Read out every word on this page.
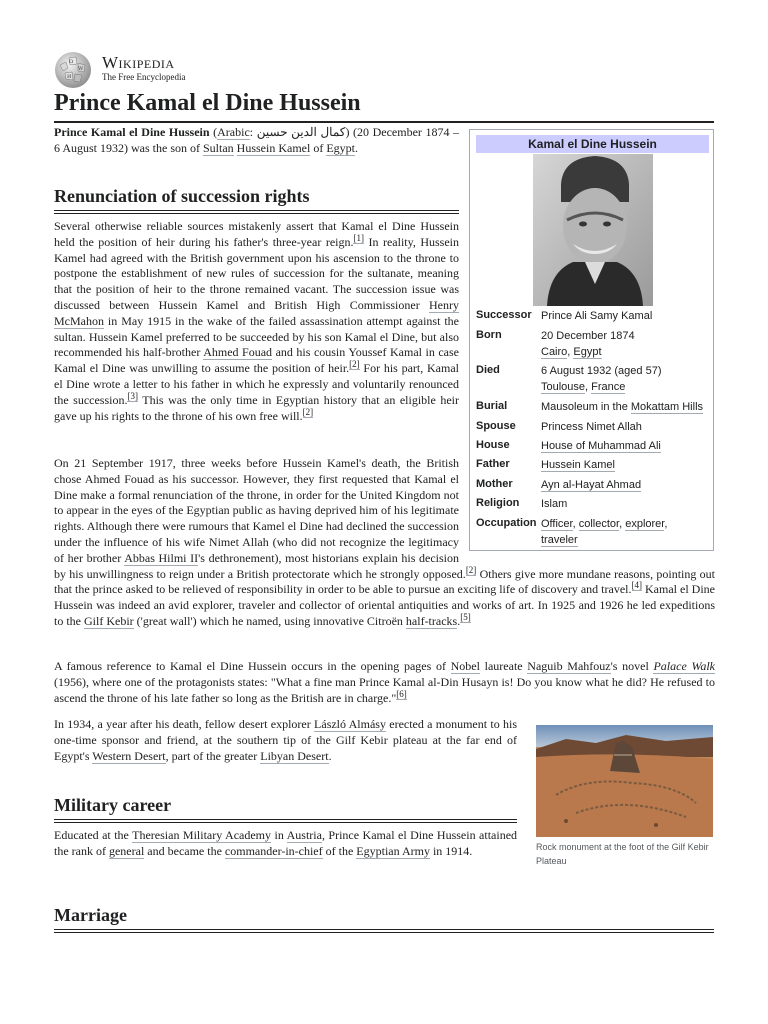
Ω
W
И
Wikipedia
The Free Encyclopedia
Prince Kamal el Dine Hussein

Prince Kamal el Dine Hussein (Arabic: كمال الدين حسين) (20 December 1874 – 6 August 1932) was the son of Sultan Hussein Kamel of Egypt.	Kamal el Dine Hussein
Successor Prince Ali Samy Kamal
Born	20 December 1874
Cairo, Egypt
Died	6 August 1932 (aged 57)
Toulouse, France
Burial	Mausoleum in the Mokattam Hills
Spouse	Princess Nimet Allah
House	House of Muhammad Ali
Father	Hussein Kamel
Mother	Ayn al-Hayat Ahmad
Religion	Islam
Occupation Officer, collector, explorer,
traveler
Renunciation of succession rights

Several otherwise reliable sources mistakenly assert that Kamal el Dine Hussein held the position of heir during his father's three-year reign.[1] In reality, Hussein Kamel had agreed with the British government upon his ascension to the throne to postpone the establishment of new rules of succession for the sultanate, meaning that the position of heir to the throne remained vacant. The succession issue was discussed between Hussein Kamel and British High Commissioner Henry McMahon in May 1915 in the wake of the failed assassination attempt against the sultan. Hussein Kamel preferred to be succeeded by his son Kamal el Dine, but also recommended his half-brother Ahmed Fouad and his cousin Youssef Kamal in case Kamal el Dine was unwilling to assume the position of heir.[2] For his part, Kamal el Dine wrote a letter to his father in which he expressly and voluntarily renounced the succession.[3] This was the only time in Egyptian history that an eligible heir gave up his rights to the throne of his own free will.[2]

On 21 September 1917, three weeks before Hussein Kamel's death, the British chose Ahmed Fouad as his successor. However, they first requested that Kamal el Dine make a formal renunciation of the throne, in order for the United Kingdom not to appear in the eyes of the Egyptian public as having deprived him of his legitimate rights. Although there were rumours that Kamel el Dine had declined the succession under the influence of his wife Nimet Allah (who did not recognize the legitimacy of her brother Abbas Hilmi II's dethronement), most historians explain his decision by his unwillingness to reign under a British protectorate which he strongly opposed.[2] Others give more mundane reasons, pointing out that the prince asked to be relieved of responsibility in order to be able to pursue an exciting life of discovery and travel.[4] Kamal el Dine Hussein was indeed an avid explorer, traveler and collector of oriental antiquities and works of art. In 1925 and 1926 he led expeditions to the Gilf Kebir ('great wall') which he named, using innovative Citroën half-tracks.[5]

A famous reference to Kamal el Dine Hussein occurs in the opening pages of Nobel laureate Naguib Mahfouz's novel Palace Walk (1956), where one of the protagonists states: "What a fine man Prince Kamal al-Din Husayn is! Do you know what he did? He refused to ascend the throne of his late father so long as the British are in charge."[6]

In 1934, a year after his death, fellow desert explorer László Almásy erected a monument to his one-time sponsor and friend, at the southern tip of the Gilf Kebir plateau at the far end of Egypt's Western Desert, part of the greater Libyan Desert.

Rock monument at the foot of the Gilf Kebir Plateau
Military career

Educated at the Theresian Military Academy in Austria, Prince Kamal el Dine Hussein attained the rank of general and became the commander-in-chief of the Egyptian Army in 1914.

Marriage
